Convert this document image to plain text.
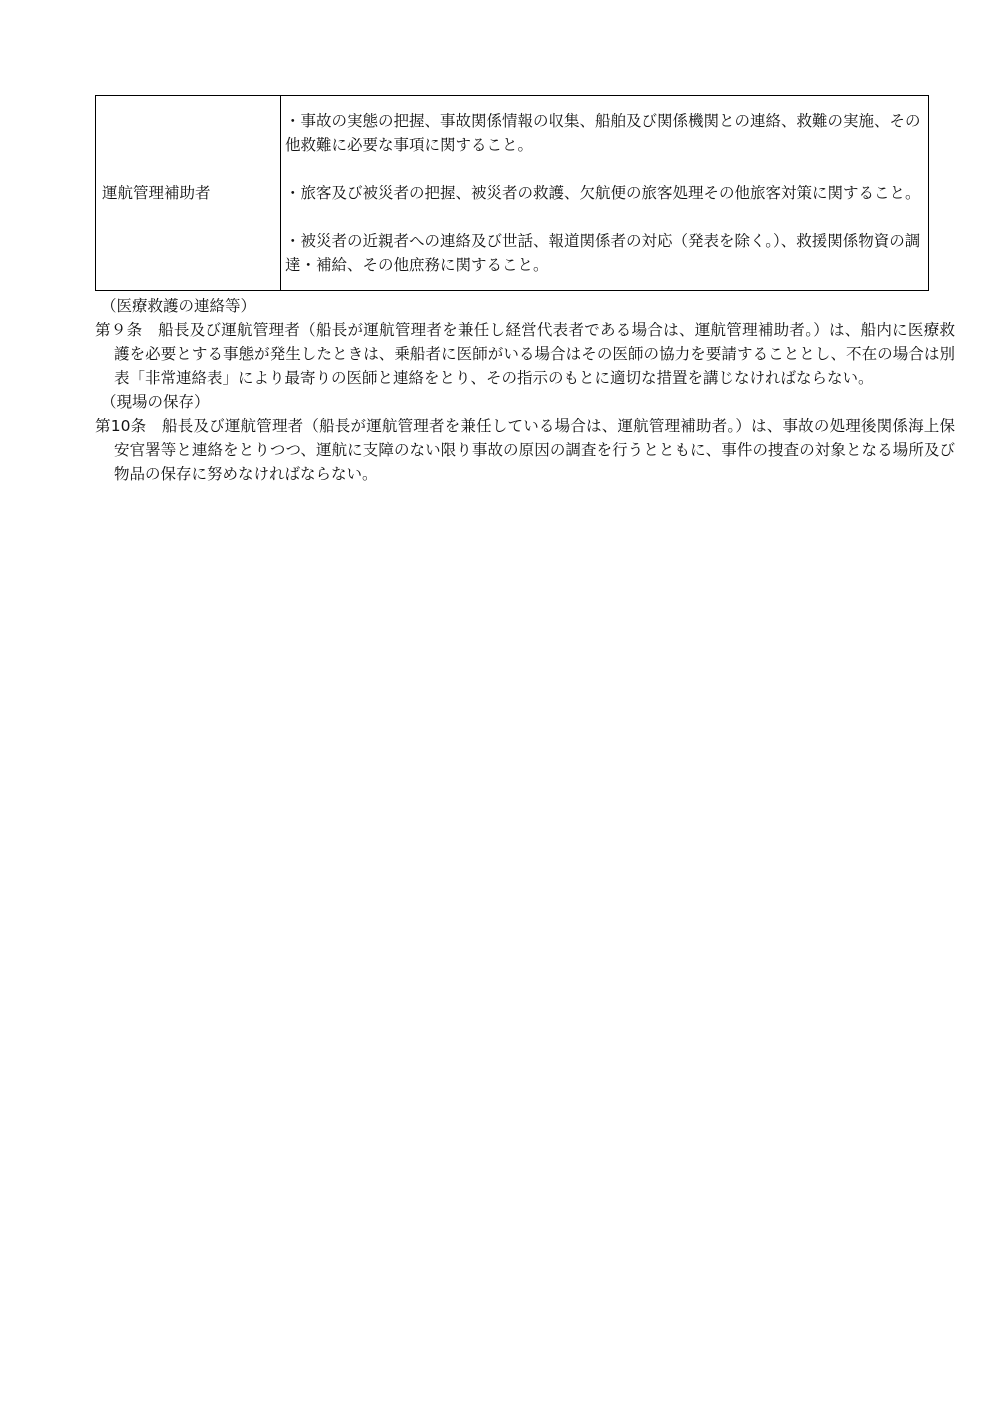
運航管理補助者	

・事故の実態の把握、事故関係情報の収集、船舶及び関係機関との連絡、救難の実施、その他救難に必要な事項に関すること。

・旅客及び被災者の把握、被災者の救護、欠航便の旅客処理その他旅客対策に関すること。

・被災者の近親者への連絡及び世話、報道関係者の対応（発表を除く。）、救援関係物資の調達・補給、その他庶務に関すること。

（医療救護の連絡等）

第９条　船長及び運航管理者（船長が運航管理者を兼任し経営代表者である場合は、運航管理補助者。）は、船内に医療救護を必要とする事態が発生したときは、乗船者に医師がいる場合はその医師の協力を要請することとし、不在の場合は別表「非常連絡表」により最寄りの医師と連絡をとり、その指示のもとに適切な措置を講じなければならない。

（現場の保存）

第10条　船長及び運航管理者（船長が運航管理者を兼任している場合は、運航管理補助者。）は、事故の処理後関係海上保安官署等と連絡をとりつつ、運航に支障のない限り事故の原因の調査を行うとともに、事件の捜査の対象となる場所及び物品の保存に努めなければならない。
